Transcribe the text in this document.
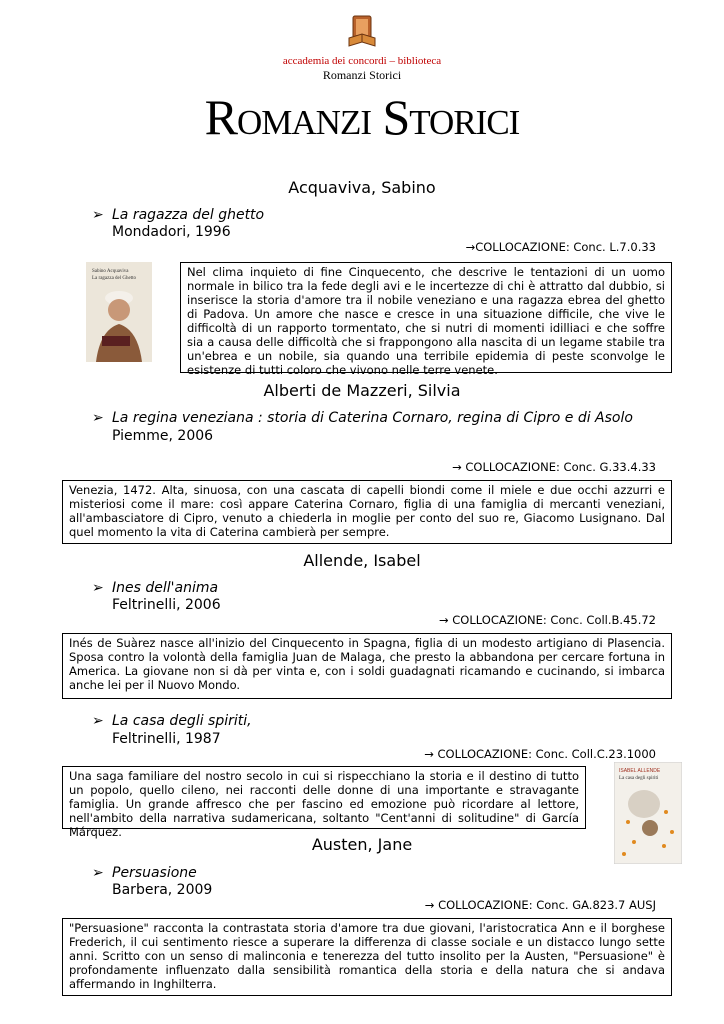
accademia dei concordi – biblioteca
Romanzi Storici
Romanzi Storici
Acquaviva, Sabino
➢ La ragazza del ghetto
Mondadori, 1996
→COLLOCAZIONE: Conc. L.7.0.33
Sabino Acquaviva
La ragazza del Ghetto	Nel clima inquieto di fine Cinquecento, che descrive le tentazioni di un uomo normale in bilico tra la fede degli avi e le incertezze di chi è attratto dal dubbio, si inserisce la storia d'amore tra il nobile veneziano e una ragazza ebrea del ghetto di Padova. Un amore che nasce e cresce in una situazione difficile, che vive le difficoltà di un rapporto tormentato, che si nutri di momenti idilliaci e che soffre sia a causa delle difficoltà che si frappongono alla nascita di un legame stabile tra un'ebrea e un nobile, sia quando una terribile epidemia di peste sconvolge le esistenze di tutti coloro che vivono nelle terre venete.
Alberti de Mazzeri, Silvia
➢ La regina veneziana : storia di Caterina Cornaro, regina di Cipro e di Asolo
Piemme, 2006
→ COLLOCAZIONE: Conc. G.33.4.33
Venezia, 1472. Alta, sinuosa, con una cascata di capelli biondi come il miele e due occhi azzurri e misteriosi come il mare: così appare Caterina Cornaro, figlia di una famiglia di mercanti veneziani, all'ambasciatore di Cipro, venuto a chiederla in moglie per conto del suo re, Giacomo Lusignano. Dal quel momento la vita di Caterina cambierà per sempre.
Allende, Isabel
➢ Ines dell'anima
Feltrinelli, 2006
→ COLLOCAZIONE: Conc. Coll.B.45.72
Inés de Suàrez nasce all'inizio del Cinquecento in Spagna, figlia di un modesto artigiano di Plasencia. Sposa contro la volontà della famiglia Juan de Malaga, che presto la abbandona per cercare fortuna in America. La giovane non si dà per vinta e, con i soldi guadagnati ricamando e cucinando, si imbarca anche lei per il Nuovo Mondo.
➢ La casa degli spiriti,
Feltrinelli, 1987
→ COLLOCAZIONE: Conc. Coll.C.23.1000
Una saga familiare del nostro secolo in cui si rispecchiano la storia e il destino di tutto un popolo, quello cileno, nei racconti delle donne di una importante e stravagante famiglia. Un grande affresco che per fascino ed emozione può ricordare al lettore, nell'ambito della narrativa sudamericana, soltanto "Cent'anni di solitudine" di García Márquez.
ISABEL ALLENDE
La casa degli spiriti
Austen, Jane
➢ Persuasione
Barbera, 2009
→ COLLOCAZIONE: Conc. GA.823.7 AUSJ
"Persuasione" racconta la contrastata storia d'amore tra due giovani, l'aristocratica Ann e il borghese Frederich, il cui sentimento riesce a superare la differenza di classe sociale e un distacco lungo sette anni. Scritto con un senso di malinconia e tenerezza del tutto insolito per la Austen, "Persuasione" è profondamente influenzato dalla sensibilità romantica della storia e della natura che si andava affermando in Inghilterra.
